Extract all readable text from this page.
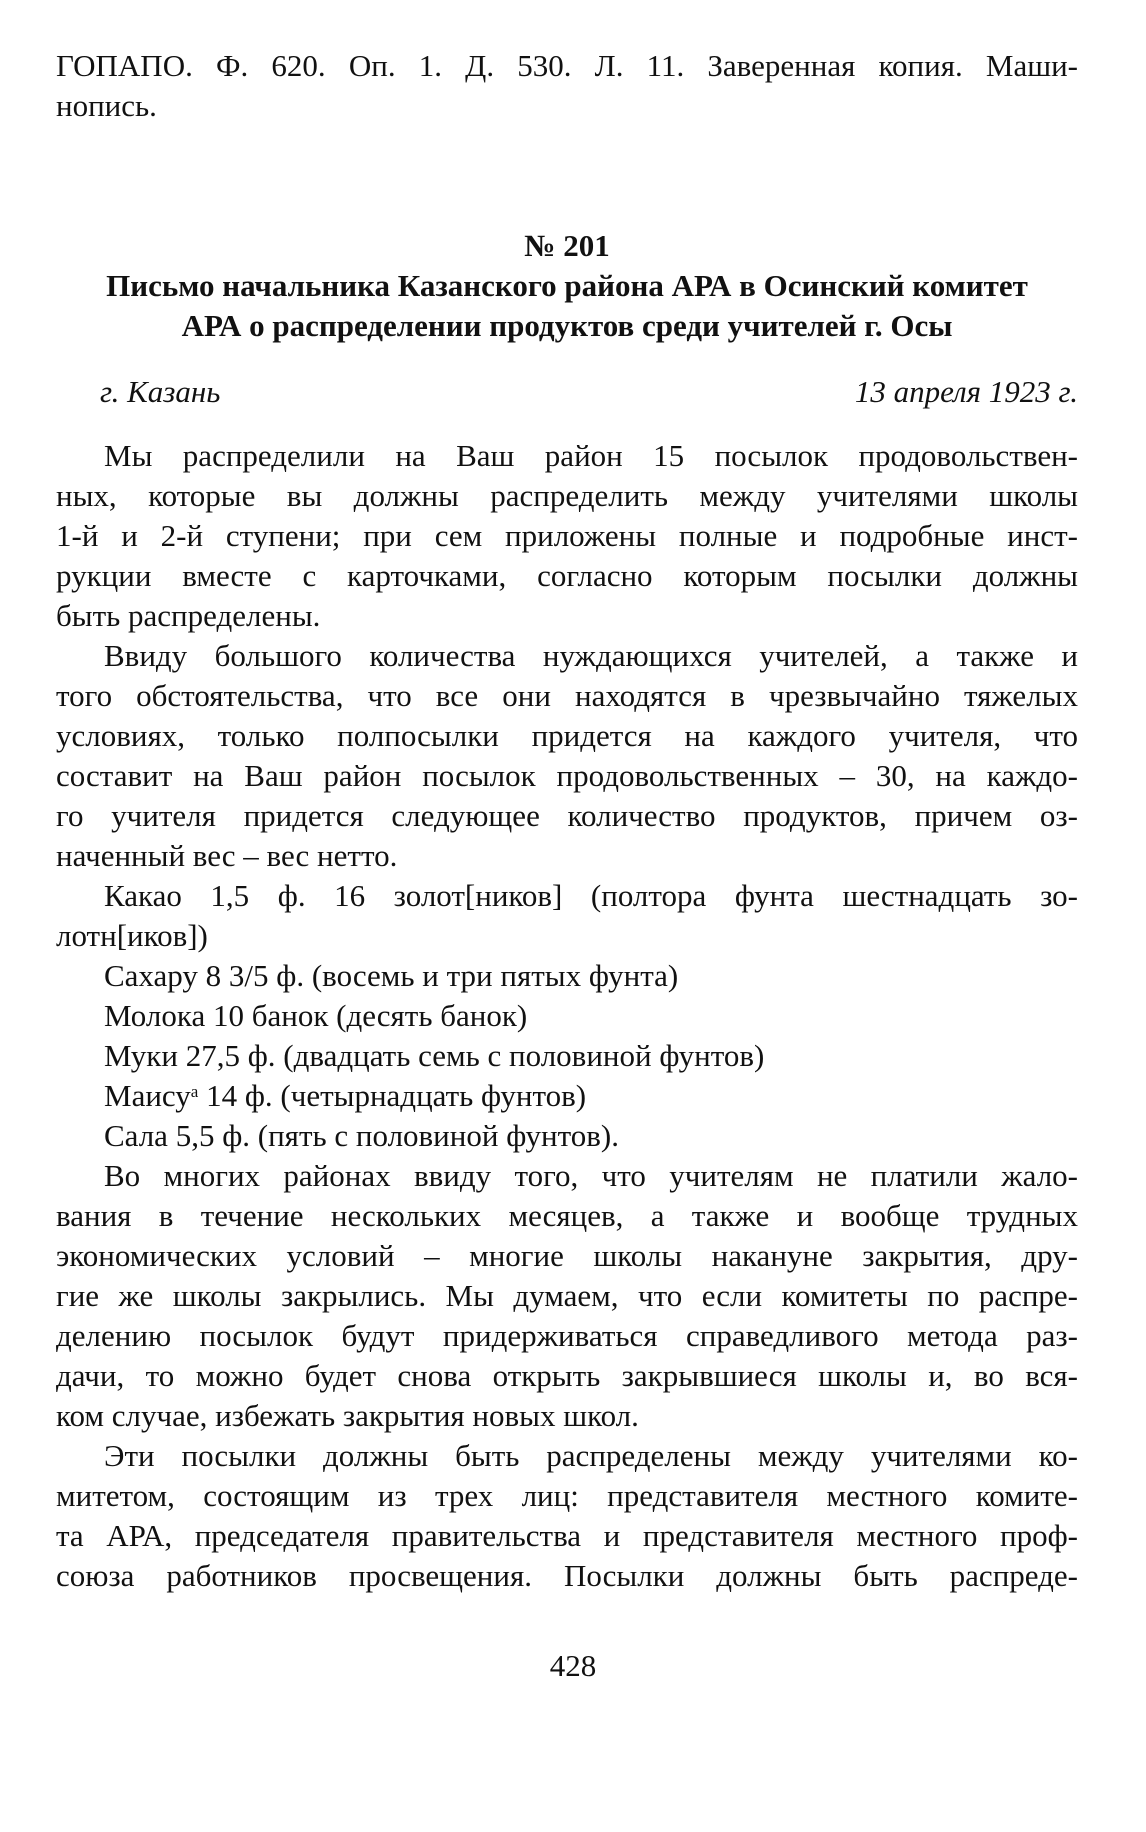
ГОПАПО. Ф. 620. Оп. 1. Д. 530. Л. 11. Заверенная копия. Маши-

нопись.

№ 201

Письмо начальника Казанского района АРА в Осинский комитет

АРА о распределении продуктов среди учителей г. Осы

г. Казань	13 апреля 1923 г.

Мы распределили на Ваш район 15 посылок продовольствен-

ных, которые вы должны распределить между учителями школы

1-й и 2-й ступени; при сем приложены полные и подробные инст-

рукции вместе с карточками, согласно которым посылки должны

быть распределены.

Ввиду большого количества нуждающихся учителей, а также и

того обстоятельства, что все они находятся в чрезвычайно тяжелых

условиях, только полпосылки придется на каждого учителя, что

составит на Ваш район посылок продовольственных – 30, на каждо-

го учителя придется следующее количество продуктов, причем оз-

наченный вес – вес нетто.

Какао 1,5 ф. 16 золот[ников] (полтора фунта шестнадцать зо-

лотн[иков])

Сахару 8 3/5 ф. (восемь и три пятых фунта)

Молока 10 банок (десять банок)

Муки 27,5 ф. (двадцать семь с половиной фунтов)

Маису$^а$ 14 ф. (четырнадцать фунтов)

Сала 5,5 ф. (пять с половиной фунтов).

Во многих районах ввиду того, что учителям не платили жало-

вания в течение нескольких месяцев, а также и вообще трудных

экономических условий – многие школы накануне закрытия, дру-

гие же школы закрылись. Мы думаем, что если комитеты по распре-

делению посылок будут придерживаться справедливого метода раз-

дачи, то можно будет снова открыть закрывшиеся школы и, во вся-

ком случае, избежать закрытия новых школ.

Эти посылки должны быть распределены между учителями ко-

митетом, состоящим из трех лиц: представителя местного комите-

та АРА, председателя правительства и представителя местного проф-

союза работников просвещения. Посылки должны быть распреде-

428
